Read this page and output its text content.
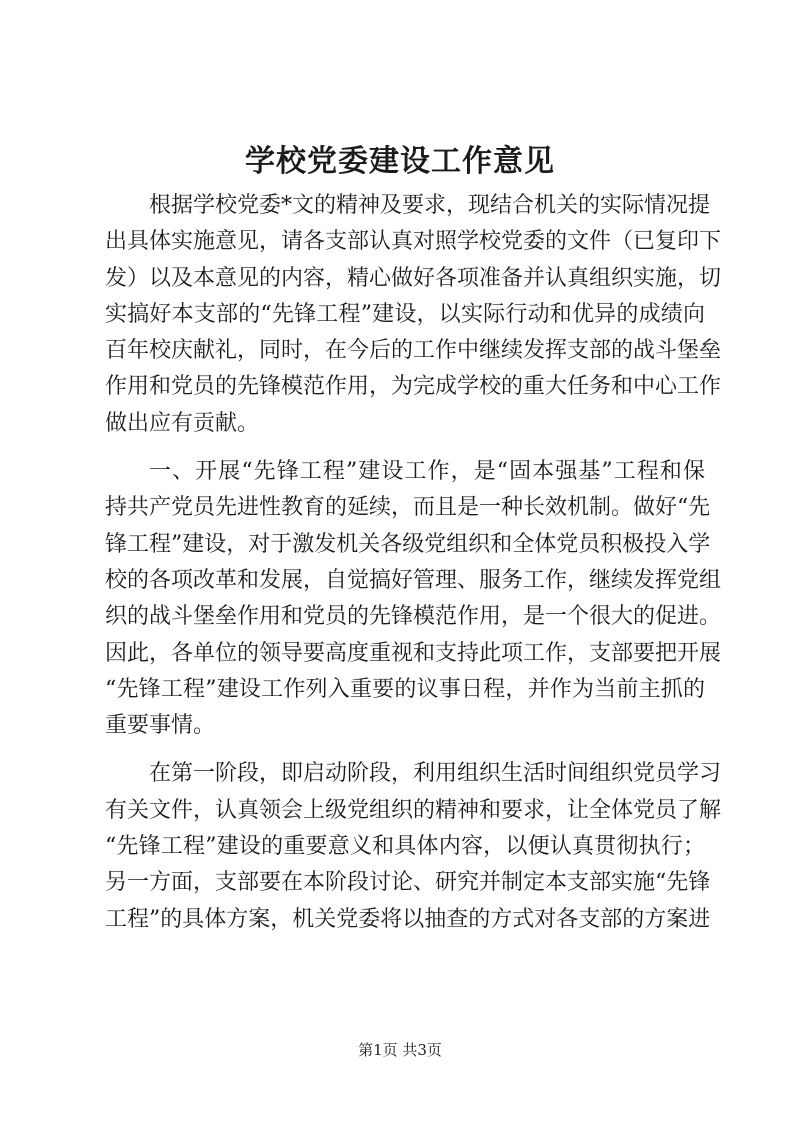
学校党委建设工作意见
根据学校党委*文的精神及要求，现结合机关的实际情况提
出具体实施意见，请各支部认真对照学校党委的文件（已复印下
发）以及本意见的内容，精心做好各项准备并认真组织实施，切
实搞好本支部的“先锋工程”建设，以实际行动和优异的成绩向
百年校庆献礼，同时，在今后的工作中继续发挥支部的战斗堡垒
作用和党员的先锋模范作用，为完成学校的重大任务和中心工作
做出应有贡献。
一、开展“先锋工程”建设工作，是“固本强基”工程和保
持共产党员先进性教育的延续，而且是一种长效机制。做好“先
锋工程”建设，对于激发机关各级党组织和全体党员积极投入学
校的各项改革和发展，自觉搞好管理、服务工作，继续发挥党组
织的战斗堡垒作用和党员的先锋模范作用，是一个很大的促进。
因此，各单位的领导要高度重视和支持此项工作，支部要把开展
“先锋工程”建设工作列入重要的议事日程，并作为当前主抓的
重要事情。
在第一阶段，即启动阶段，利用组织生活时间组织党员学习
有关文件，认真领会上级党组织的精神和要求，让全体党员了解
“先锋工程”建设的重要意义和具体内容，以便认真贯彻执行；
另一方面，支部要在本阶段讨论、研究并制定本支部实施“先锋
工程”的具体方案，机关党委将以抽查的方式对各支部的方案进
第1页 共3页
